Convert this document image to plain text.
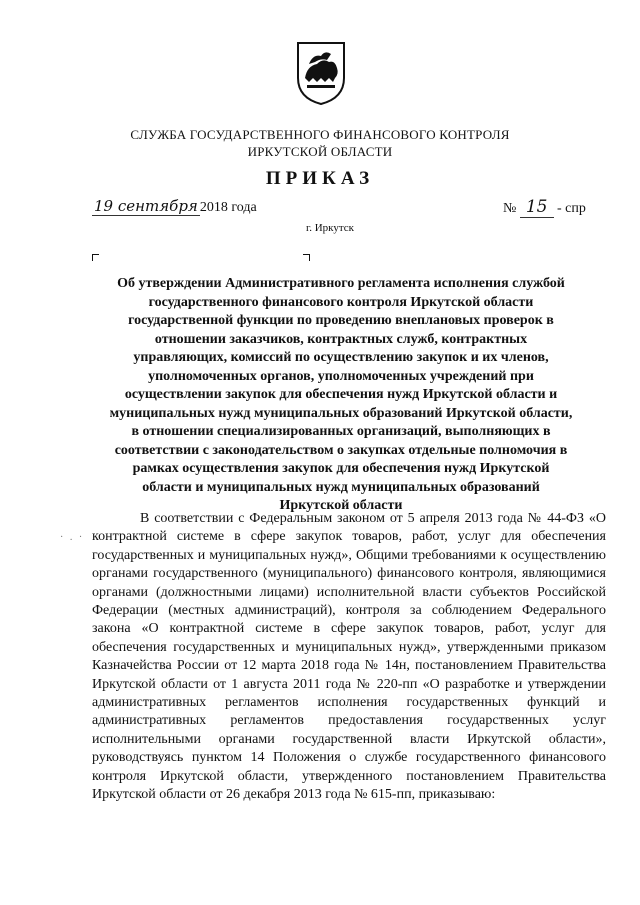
СЛУЖБА ГОСУДАРСТВЕННОГО ФИНАНСОВОГО КОНТРОЛЯ
ИРКУТСКОЙ ОБЛАСТИ
ПРИКАЗ
19 сентября 2018 года	№ 15 - спр
г. Иркутск
Об утверждении Административного регламента исполнения службой государственного финансового контроля Иркутской области государственной функции по проведению внеплановых проверок в отношении заказчиков, контрактных служб, контрактных управляющих, комиссий по осуществлению закупок и их членов, уполномоченных органов, уполномоченных учреждений при осуществлении закупок для обеспечения нужд Иркутской области и муниципальных нужд муниципальных образований Иркутской области, в отношении специализированных организаций, выполняющих в соответствии с законодательством о закупках отдельные полномочия в рамках осуществления закупок для обеспечения нужд Иркутской области и муниципальных нужд муниципальных образований Иркутской области
· . ·
В соответствии с Федеральным законом от 5 апреля 2013 года № 44-ФЗ «О контрактной системе в сфере закупок товаров, работ, услуг для обеспечения государственных и муниципальных нужд», Общими требованиями к осуществлению органами государственного (муниципального) финансового контроля, являющимися органами (должностными лицами) исполнительной власти субъектов Российской Федерации (местных администраций), контроля за соблюдением Федерального закона «О контрактной системе в сфере закупок товаров, работ, услуг для обеспечения государственных и муниципальных нужд», утвержденными приказом Казначейства России от 12 марта 2018 года № 14н, постановлением Правительства Иркутской области от 1 августа 2011 года № 220-пп «О разработке и утверждении административных регламентов исполнения государственных функций и административных регламентов предоставления государственных услуг исполнительными органами государственной власти Иркутской области», руководствуясь пунктом 14 Положения о службе государственного финансового контроля Иркутской области, утвержденного постановлением Правительства Иркутской области от 26 декабря 2013 года № 615-пп, приказываю:
